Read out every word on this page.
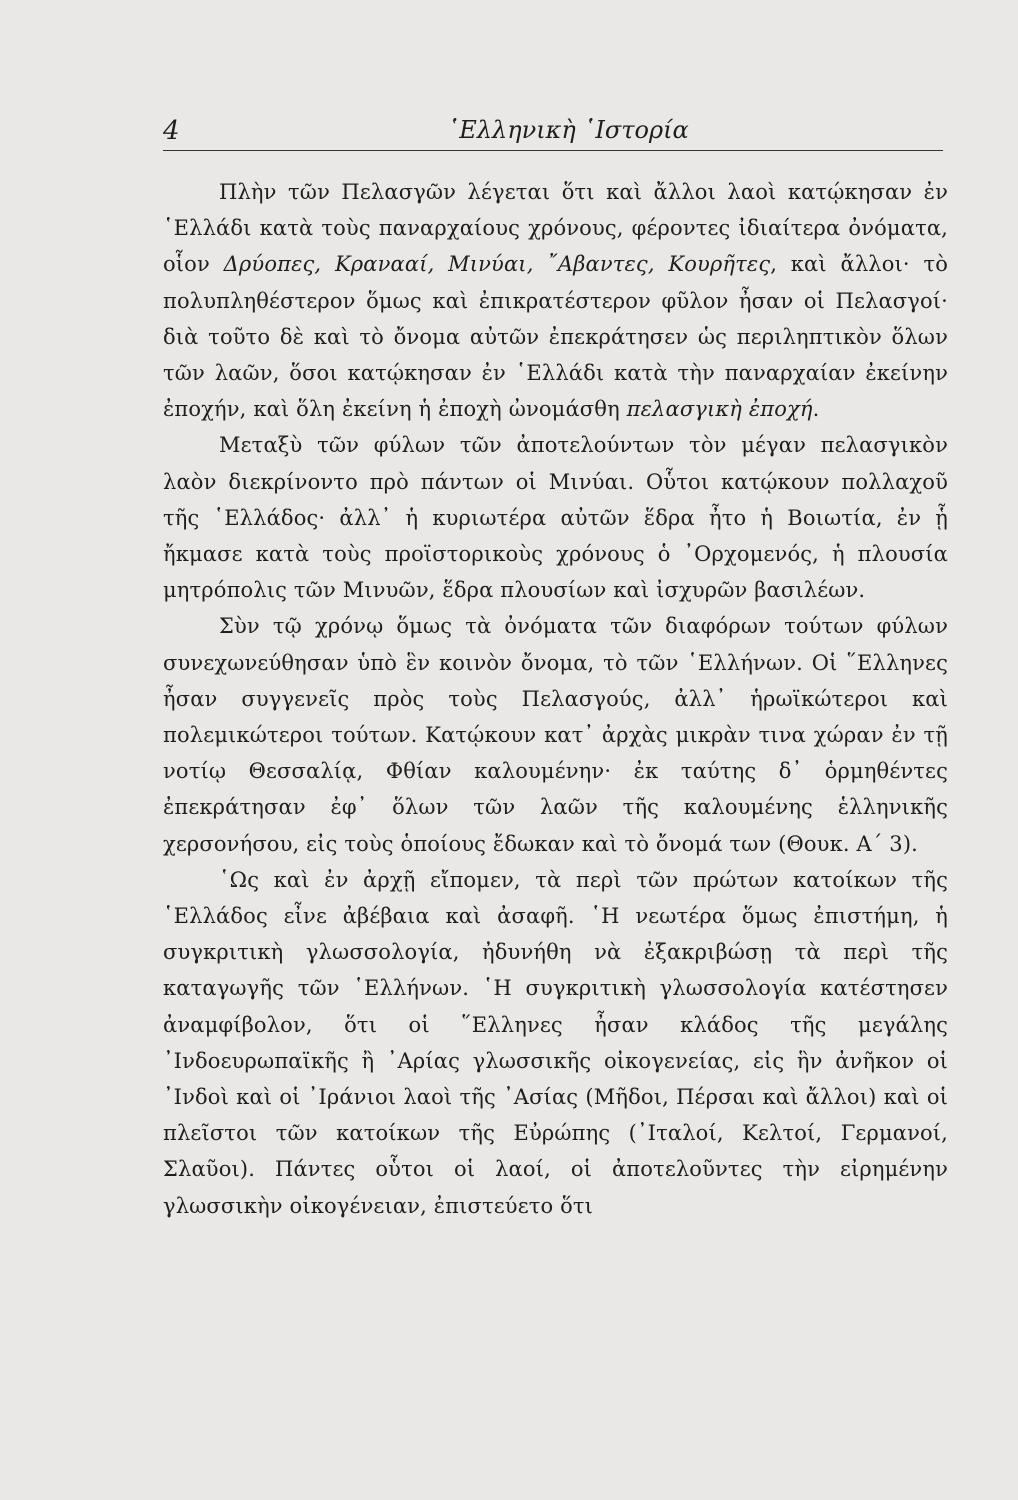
4	῾Ελληνικὴ ῾Ιστορία

Πλὴν τῶν Πελασγῶν λέγεται ὅτι καὶ ἄλλοι λαοὶ κατῴκησαν ἐν ῾Ελλάδι κατὰ τοὺς παναρχαίους χρόνους, φέροντες ἰδιαίτερα ὀνόματα, οἷον Δρύοπες, Κρανααί, Μινύαι, ῎Αβαντες, Κουρῆτες, καὶ ἄλλοι· τὸ πολυπληθέστερον ὅμως καὶ ἐπικρατέστερον φῦλον ἦσαν οἱ Πελασγοί· διὰ τοῦτο δὲ καὶ τὸ ὄνομα αὐτῶν ἐπεκράτησεν ὡς περιληπτικὸν ὅλων τῶν λαῶν, ὅσοι κατῴκησαν ἐν ῾Ελλάδι κατὰ τὴν παναρχαίαν ἐκείνην ἐποχήν, καὶ ὅλη ἐκείνη ἡ ἐποχὴ ὠνομάσθη πελασγικὴ ἐποχή.

Μεταξὺ τῶν φύλων τῶν ἀποτελούντων τὸν μέγαν πελασγικὸν λαὸν διεκρίνοντο πρὸ πάντων οἱ Μινύαι. Οὗτοι κατῴκουν πολλαχοῦ τῆς ῾Ελλάδος· ἀλλ᾽ ἡ κυριωτέρα αὐτῶν ἕδρα ἦτο ἡ Βοιωτία, ἐν ᾗ ἤκμασε κατὰ τοὺς προϊστορικοὺς χρόνους ὁ ᾿Ορχομενός, ἡ πλουσία μητρόπολις τῶν Μινυῶν, ἕδρα πλουσίων καὶ ἰσχυρῶν βασιλέων.

Σὺν τῷ χρόνῳ ὅμως τὰ ὀνόματα τῶν διαφόρων τούτων φύλων συνεχωνεύθησαν ὑπὸ ἓν κοινὸν ὄνομα, τὸ τῶν ῾Ελλήνων. Οἱ ῞Ελληνες ἦσαν συγγενεῖς πρὸς τοὺς Πελασγούς, ἀλλ᾽ ἡρωϊκώτεροι καὶ πολεμικώτεροι τούτων. Κατῴκουν κατ᾽ ἀρχὰς μικρὰν τινα χώραν ἐν τῇ νοτίῳ Θεσσαλίᾳ, Φθίαν καλουμένην· ἐκ ταύτης δ᾽ ὁρμηθέντες ἐπεκράτησαν ἐφ᾽ ὅλων τῶν λαῶν τῆς καλουμένης ἑλληνικῆς χερσονήσου, εἰς τοὺς ὁποίους ἔδωκαν καὶ τὸ ὄνομά των (Θουκ. Α΄ 3).

῾Ως καὶ ἐν ἀρχῇ εἴπομεν, τὰ περὶ τῶν πρώτων κατοίκων τῆς ῾Ελλάδος εἶνε ἀβέβαια καὶ ἀσαφῆ. ῾Η νεωτέρα ὅμως ἐπιστήμη, ἡ συγκριτικὴ γλωσσολογία, ἠδυνήθη νὰ ἐξακριβώσῃ τὰ περὶ τῆς καταγωγῆς τῶν ῾Ελλήνων. ῾Η συγκριτικὴ γλωσσολογία κατέστησεν ἀναμφίβολον, ὅτι οἱ ῞Ελληνες ἦσαν κλάδος τῆς μεγάλης ᾿Ινδοευρωπαϊκῆς ἢ ᾿Αρίας γλωσσικῆς οἰκογενείας, εἰς ἣν ἀνῆκον οἱ ᾿Ινδοὶ καὶ οἱ ᾿Ιράνιοι λαοὶ τῆς ᾿Ασίας (Μῆδοι, Πέρσαι καὶ ἄλλοι) καὶ οἱ πλεῖστοι τῶν κατοίκων τῆς Εὐρώπης (᾿Ιταλοί, Κελτοί, Γερμανοί, Σλαῦοι). Πάντες οὗτοι οἱ λαοί, οἱ ἀποτελοῦντες τὴν εἰρημένην γλωσσικὴν οἰκογένειαν, ἐπιστεύετο ὅτι
